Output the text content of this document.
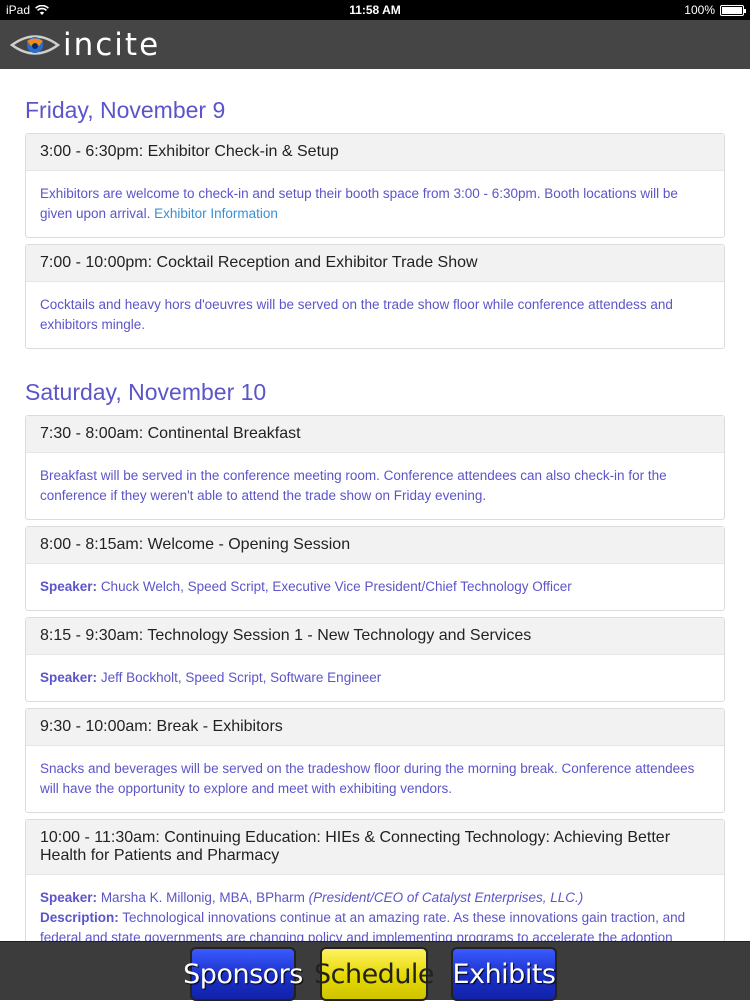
iPad	11:58 AM	100%
incite
Friday, November 9
3:00 - 6:30pm: Exhibitor Check-in & Setup
Exhibitors are welcome to check-in and setup their booth space from 3:00 - 6:30pm. Booth locations will be given upon arrival. Exhibitor Information
7:00 - 10:00pm: Cocktail Reception and Exhibitor Trade Show
Cocktails and heavy hors d'oeuvres will be served on the trade show floor while conference attendess and exhibitors mingle.
Saturday, November 10
7:30 - 8:00am: Continental Breakfast
Breakfast will be served in the conference meeting room. Conference attendees can also check-in for the conference if they weren't able to attend the trade show on Friday evening.
8:00 - 8:15am: Welcome - Opening Session
Speaker: Chuck Welch, Speed Script, Executive Vice President/Chief Technology Officer
8:15 - 9:30am: Technology Session 1 - New Technology and Services
Speaker: Jeff Bockholt, Speed Script, Software Engineer
9:30 - 10:00am: Break - Exhibitors
Snacks and beverages will be served on the tradeshow floor during the morning break. Conference attendees will have the opportunity to explore and meet with exhibiting vendors.
10:00 - 11:30am: Continuing Education: HIEs & Connecting Technology: Achieving Better Health for Patients and Pharmacy
Speaker: Marsha K. Millonig, MBA, BPharm (President/CEO of Catalyst Enterprises, LLC.)
Description: Technological innovations continue at an amazing rate. As these innovations gain traction, and federal and state governments are changing policy and implementing programs to accelerate the adoption
Sponsors Schedule Exhibits
